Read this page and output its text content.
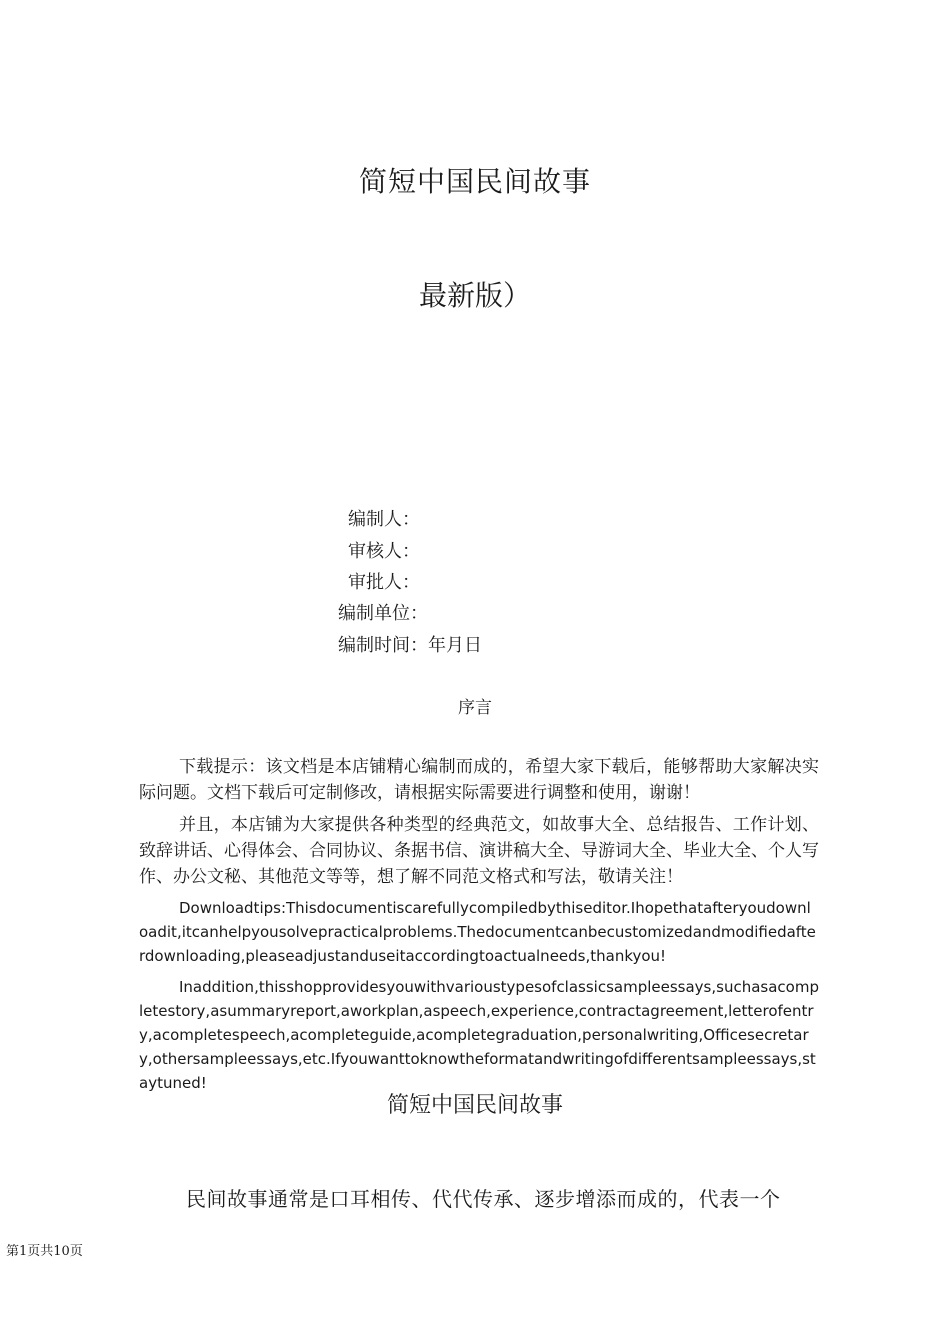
简短中国民间故事
最新版）
编制人：
审核人：
审批人：
编制单位：
编制时间：年月日
序言
下载提示：该文档是本店铺精心编制而成的，希望大家下载后，能够帮助大家解决实际问题。文档下载后可定制修改，请根据实际需要进行调整和使用，谢谢！
并且，本店铺为大家提供各种类型的经典范文，如故事大全、总结报告、工作计划、致辞讲话、心得体会、合同协议、条据书信、演讲稿大全、导游词大全、毕业大全、个人写作、办公文秘、其他范文等等，想了解不同范文格式和写法，敬请关注！
Downloadtips:Thisdocumentiscarefullycompiledbythiseditor.Ihopethatafteryoudownloadit,itcanhelpyousolvepracticalproblems.Thedocumentcanbecustomizedandmodifiedafterdownloading,pleaseadjustanduseitaccordingtoactualneeds,thankyou!
Inaddition,thisshopprovidesyouwithvarioustypesofclassicsampleessays,suchasacompletestory,asummaryreport,aworkplan,aspeech,experience,contractagreement,letterofentry,acompletespeech,acompleteguide,acompletegraduation,personalwriting,Officesecretary,othersampleessays,etc.Ifyouwanttoknowtheformatandwritingofdifferentsampleessays,staytuned!
简短中国民间故事
民间故事通常是口耳相传、代代传承、逐步增添而成的，代表一个
第1页共10页
